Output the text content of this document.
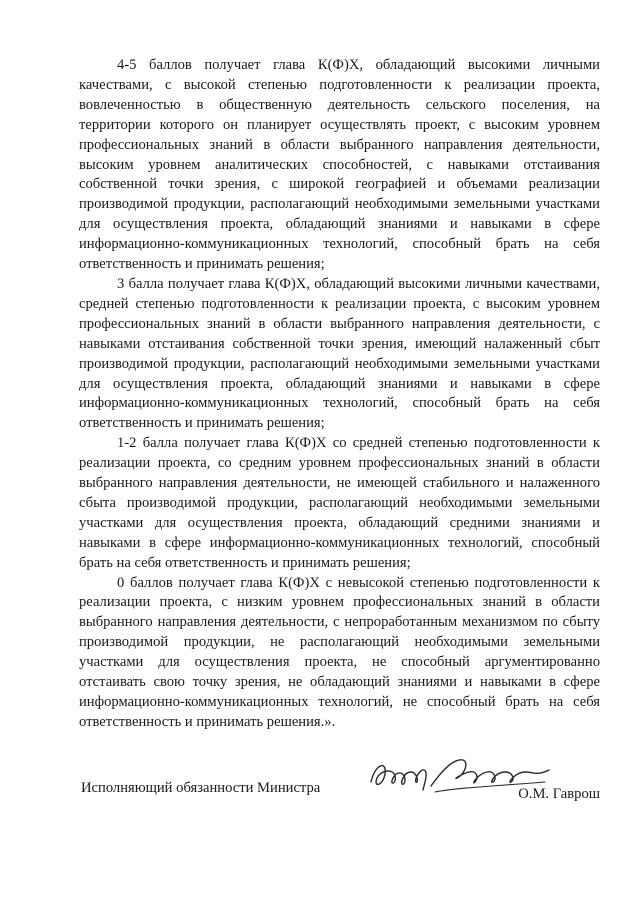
4-5 баллов получает глава К(Ф)Х, обладающий высокими личными качествами, с высокой степенью подготовленности к реализации проекта, вовлеченностью в общественную деятельность сельского поселения, на территории которого он планирует осуществлять проект, с высоким уровнем профессиональных знаний в области выбранного направления деятельности, высоким уровнем аналитических способностей, с навыками отстаивания собственной точки зрения, с широкой географией и объемами реализации производимой продукции, располагающий необходимыми земельными участками для осуществления проекта, обладающий знаниями и навыками в сфере информационно-коммуникационных технологий, способный брать на себя ответственность и принимать решения;

3 балла получает глава К(Ф)Х, обладающий высокими личными качествами, средней степенью подготовленности к реализации проекта, с высоким уровнем профессиональных знаний в области выбранного направления деятельности, с навыками отстаивания собственной точки зрения, имеющий налаженный сбыт производимой продукции, располагающий необходимыми земельными участками для осуществления проекта, обладающий знаниями и навыками в сфере информационно-коммуникационных технологий, способный брать на себя ответственность и принимать решения;

1-2 балла получает глава К(Ф)Х со средней степенью подготовленности к реализации проекта, со средним уровнем профессиональных знаний в области выбранного направления деятельности, не имеющей стабильного и налаженного сбыта производимой продукции, располагающий необходимыми земельными участками для осуществления проекта, обладающий средними знаниями и навыками в сфере информационно-коммуникационных технологий, способный брать на себя ответственность и принимать решения;

0 баллов получает глава К(Ф)Х с невысокой степенью подготовленности к реализации проекта, с низким уровнем профессиональных знаний в области выбранного направления деятельности, с непроработанным механизмом по сбыту производимой продукции, не располагающий необходимыми земельными участками для осуществления проекта, не способный аргументированно отстаивать свою точку зрения, не обладающий знаниями и навыками в сфере информационно-коммуникационных технологий, не способный брать на себя ответственность и принимать решения.».

Исполняющий обязанности Министра	О.М. Гаврош
